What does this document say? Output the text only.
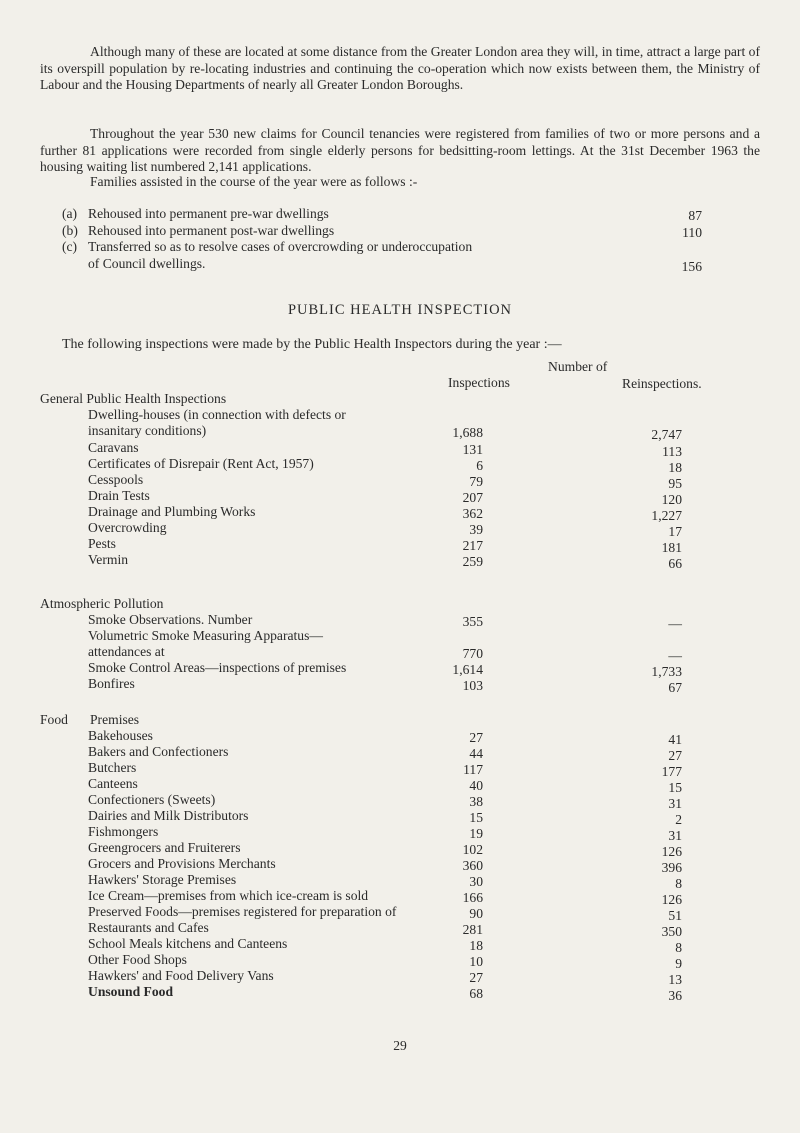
Although many of these are located at some distance from the Greater London area they will, in time, attract a large part of its overspill population by re-locating industries and continuing the co-operation which now exists between them, the Ministry of Labour and the Housing Departments of nearly all Greater London Boroughs.

Throughout the year 530 new claims for Council tenancies were registered from families of two or more persons and a further 81 applications were recorded from single elderly persons for bedsitting-room lettings. At the 31st December 1963 the housing waiting list numbered 2,141 applications.

Families assisted in the course of the year were as follows :-
(a) Rehoused into permanent pre-war dwellings	87
(b) Rehoused into permanent post-war dwellings	110
(c) Transferred so as to resolve cases of overcrowding or underoccupation
of Council dwellings.	156
PUBLIC HEALTH INSPECTION
The following inspections were made by the Public Health Inspectors during the year :—
Number of
Inspections	Reinspections.
General Public Health Inspections
Dwelling-houses (in connection with defects or
insanitary conditions)	1,688	2,747
Caravans	131	113
Certificates of Disrepair (Rent Act, 1957)	6	18
Cesspools	79	95
Drain Tests	207	120
Drainage and Plumbing Works	362	1,227
Overcrowding	39	17
Pests	217	181
Vermin	259	66
Atmospheric Pollution
Smoke Observations. Number	355	—
Volumetric Smoke Measuring Apparatus—
attendances at	770	—
Smoke Control Areas—inspections of premises	1,614	1,733
Bonfires	103	67
Food Premises
Bakehouses	27	41
Bakers and Confectioners	44	27
Butchers	117	177
Canteens	40	15
Confectioners (Sweets)	38	31
Dairies and Milk Distributors	15	2
Fishmongers	19	31
Greengrocers and Fruiterers	102	126
Grocers and Provisions Merchants	360	396
Hawkers' Storage Premises	30	8
Ice Cream—premises from which ice-cream is sold	166	126
Preserved Foods—premises registered for preparation of	90	51
Restaurants and Cafes	281	350
School Meals kitchens and Canteens	18	8
Other Food Shops	10	9
Hawkers' and Food Delivery Vans	27	13
Unsound Food	68	36
29
